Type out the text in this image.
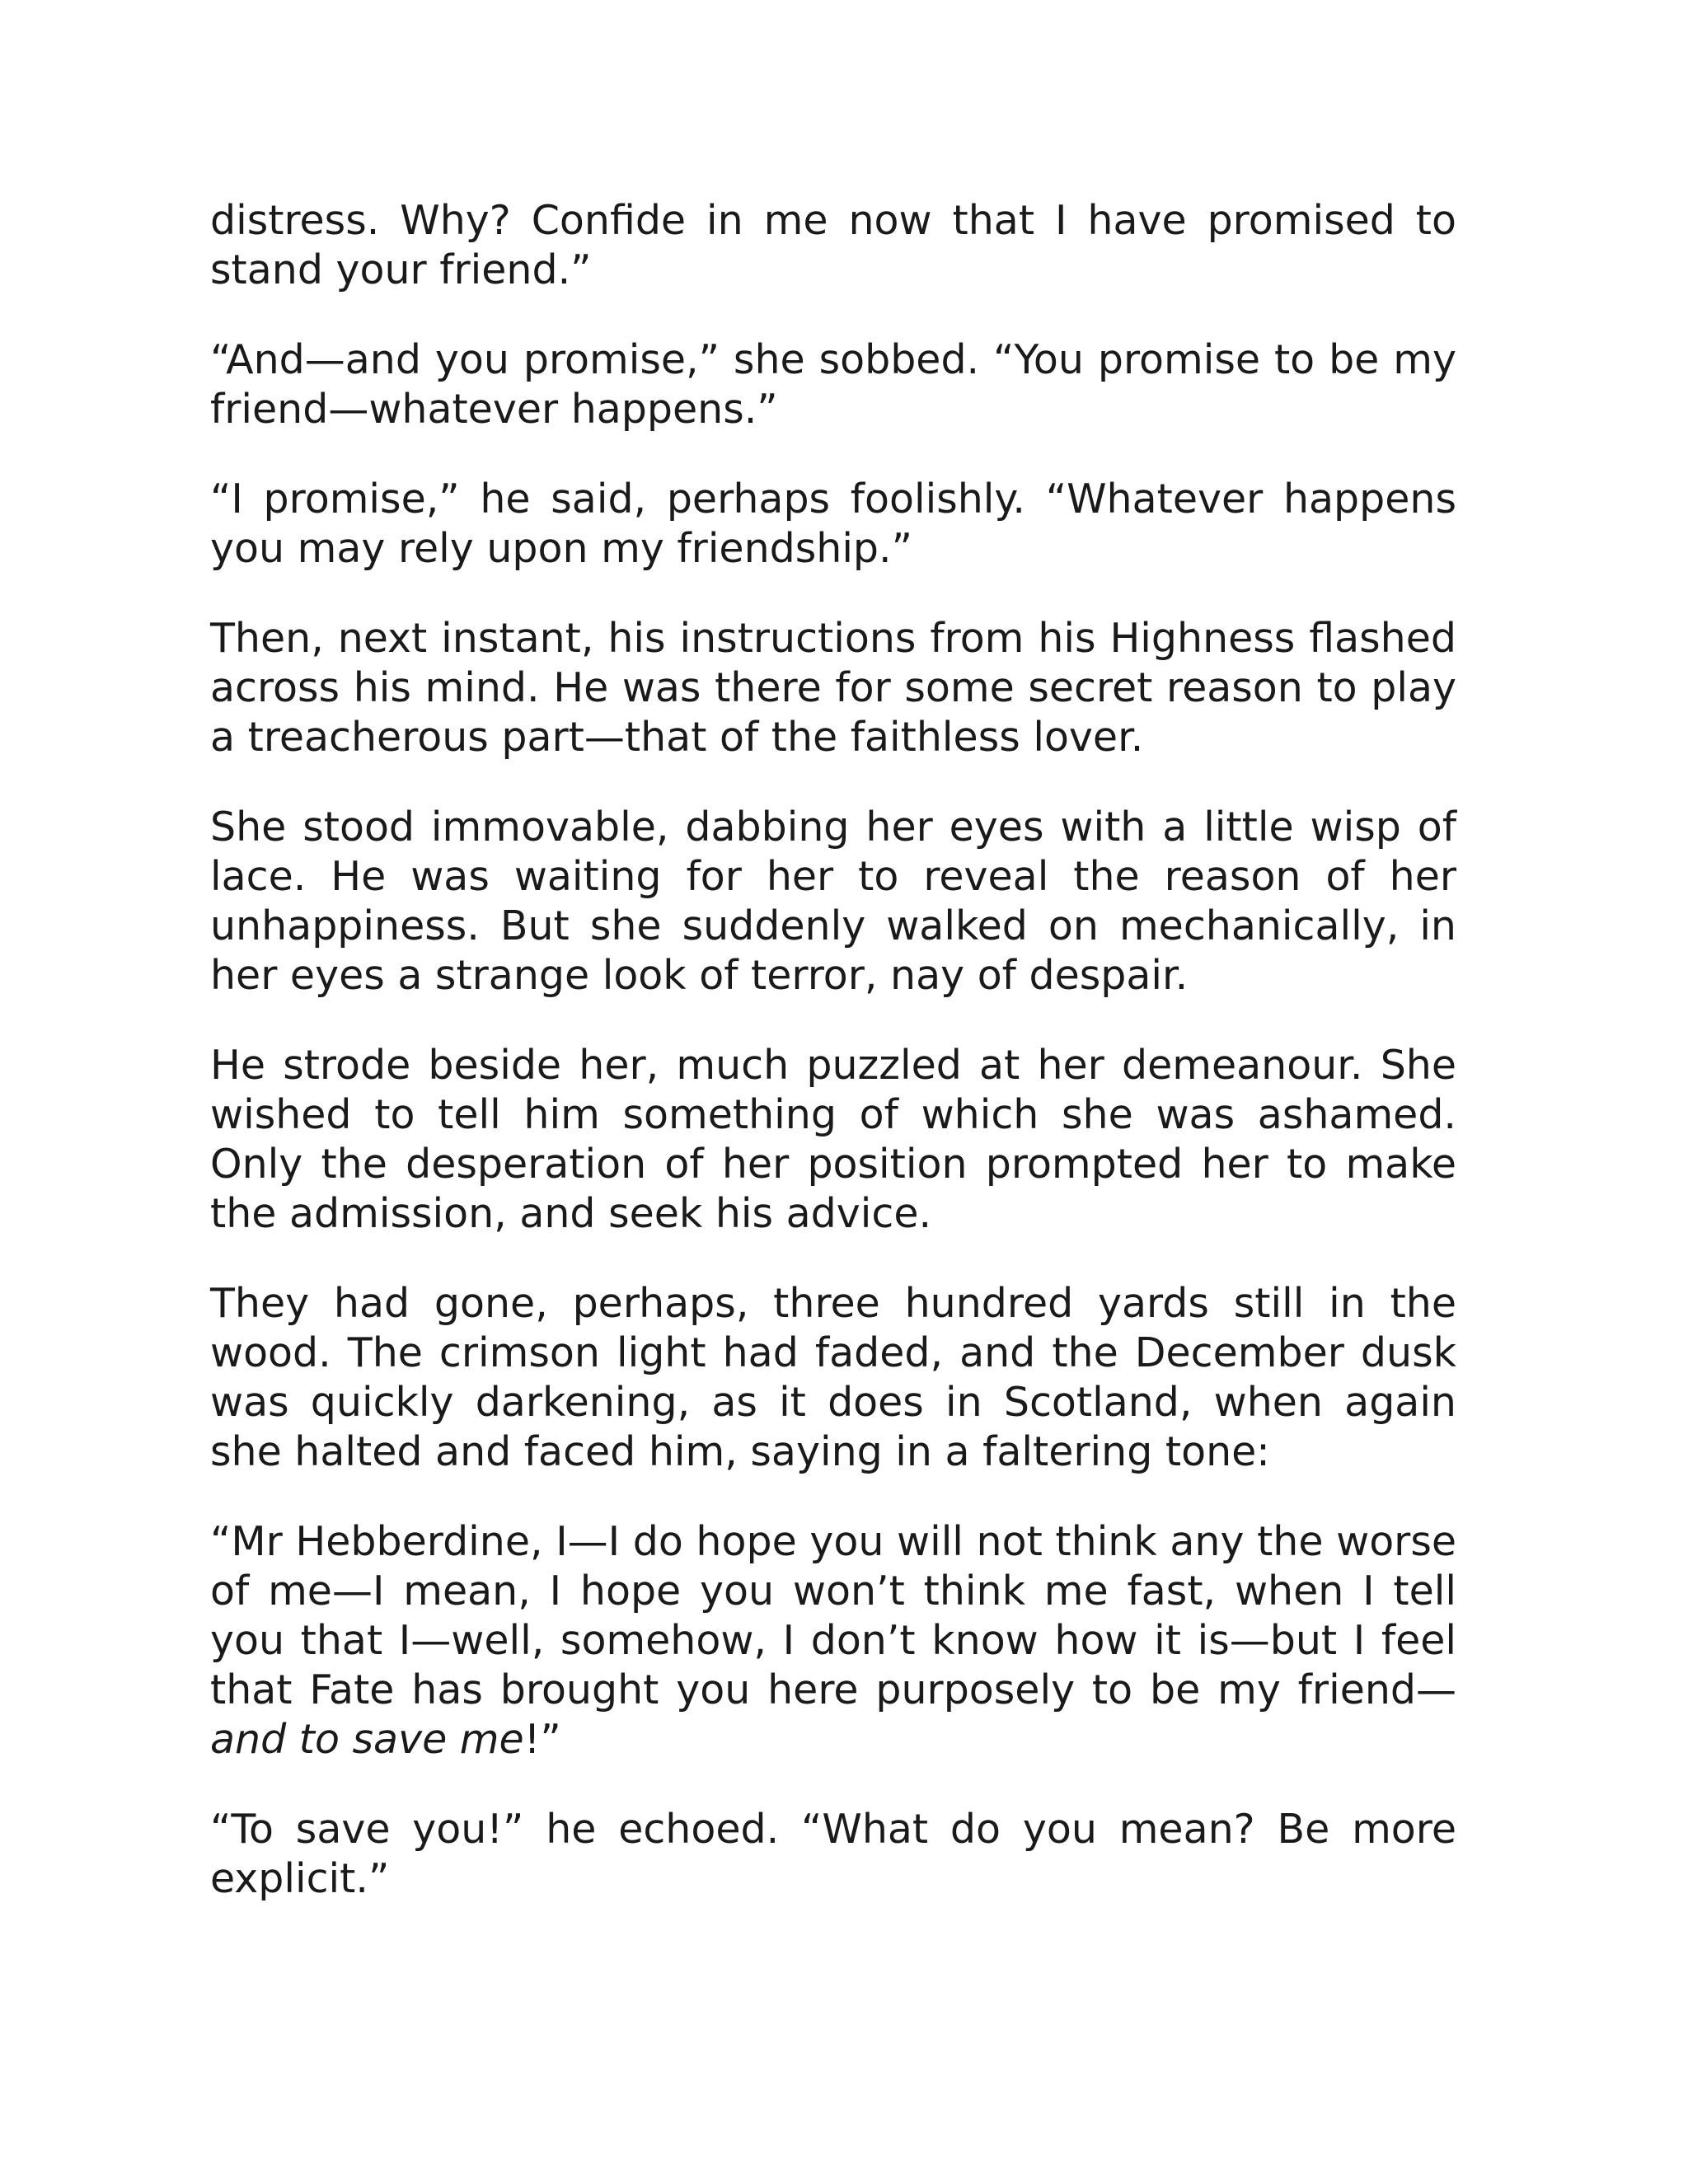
distress. Why? Confide in me now that I have promised to stand your friend.”

“And—and you promise,” she sobbed. “You promise to be my friend—whatever happens.”

“I promise,” he said, perhaps foolishly. “Whatever happens you may rely upon my friendship.”

Then, next instant, his instructions from his Highness flashed across his mind. He was there for some secret reason to play a treacherous part—that of the faithless lover.

She stood immovable, dabbing her eyes with a little wisp of lace. He was waiting for her to reveal the reason of her unhappiness. But she suddenly walked on mechanically, in her eyes a strange look of terror, nay of despair.

He strode beside her, much puzzled at her demeanour. She wished to tell him something of which she was ashamed. Only the desperation of her position prompted her to make the admission, and seek his advice.

They had gone, perhaps, three hundred yards still in the wood. The crimson light had faded, and the December dusk was quickly darkening, as it does in Scotland, when again she halted and faced him, saying in a faltering tone:

“Mr Hebberdine, I—I do hope you will not think any the worse of me—I mean, I hope you won’t think me fast, when I tell you that I—well, somehow, I don’t know how it is—but I feel that Fate has brought you here purposely to be my friend—and to save me!”

“To save you!” he echoed. “What do you mean? Be more explicit.”
